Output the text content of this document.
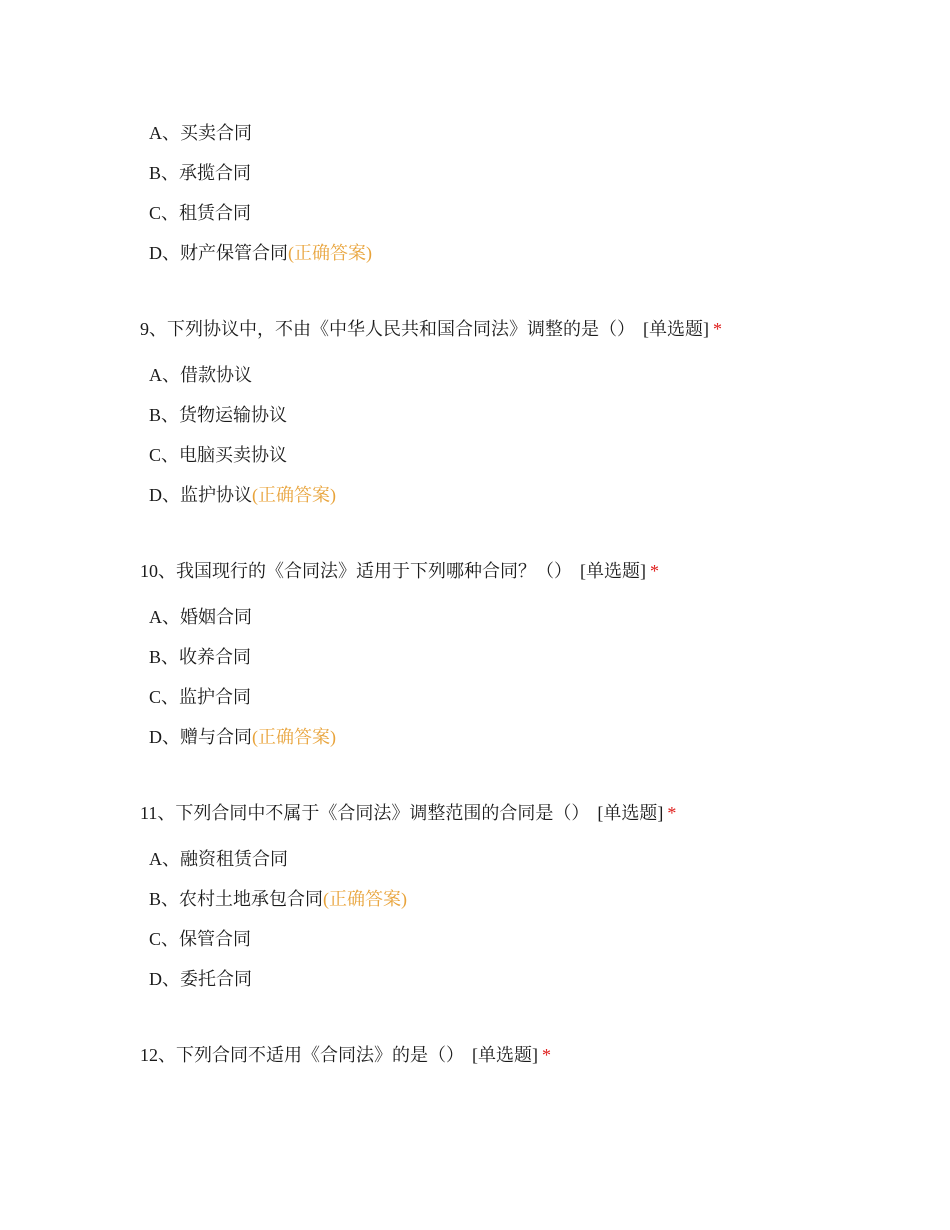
A、买卖合同
B、承揽合同
C、租赁合同
D、财产保管合同(正确答案)
9、下列协议中，不由《中华人民共和国合同法》调整的是（） [单选题] *
A、借款协议
B、货物运输协议
C、电脑买卖协议
D、监护协议(正确答案)
10、我国现行的《合同法》适用于下列哪种合同？（） [单选题] *
A、婚姻合同
B、收养合同
C、监护合同
D、赠与合同(正确答案)
11、下列合同中不属于《合同法》调整范围的合同是（） [单选题] *
A、融资租赁合同
B、农村土地承包合同(正确答案)
C、保管合同
D、委托合同
12、下列合同不适用《合同法》的是（） [单选题] *
